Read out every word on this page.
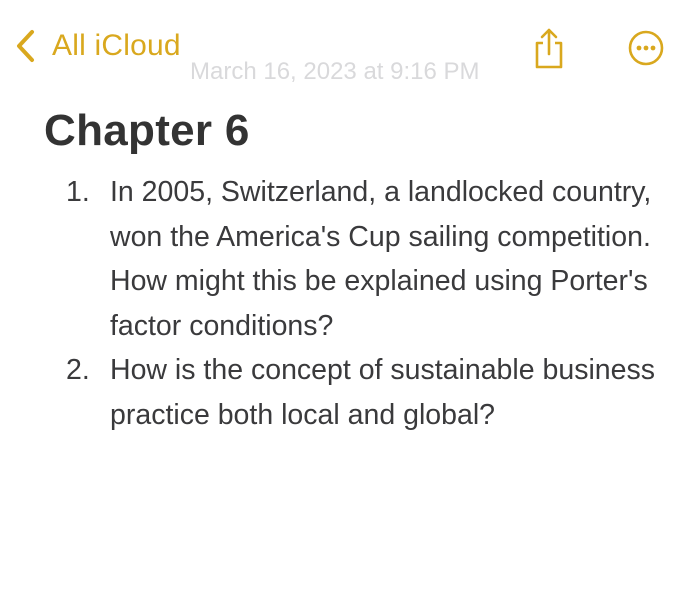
All iCloud
March 16, 2023 at 9:16 PM
Chapter 6
1. In 2005, Switzerland, a landlocked country, won the America's Cup sailing competition. How might this be explained using Porter's factor conditions?
2. How is the concept of sustainable business practice both local and global?
